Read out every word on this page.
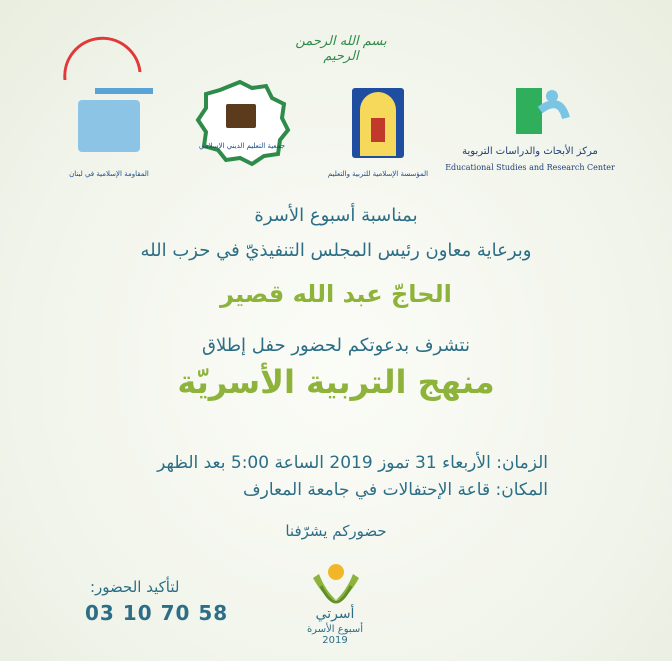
بسم الله الرحمن الرحيم
المقاومة الإسلامية في لبنان
جمعية التعليم الديني الإسلامي
المؤسسة الإسلامية للتربية والتعليم
مركز الأبحاث والدراسات التربوية
Educational Studies and Research Center
بمناسبة أسبوع الأسرة
وبرعاية معاون رئيس المجلس التنفيذيّ في حزب الله
الحاجّ عبد الله قصير
نتشرف بدعوتكم لحضور حفل إطلاق
منهج التربية الأسريّة
الزمان: الأربعاء 31 تموز 2019 الساعة 5:00 بعد الظهر
المكان: قاعة الإحتفالات في جامعة المعارف
حضوركم يشرّفنا
لتأكيد الحضور:
03 10 70 58	أسرتي
أسبوع الأسرة 2019
